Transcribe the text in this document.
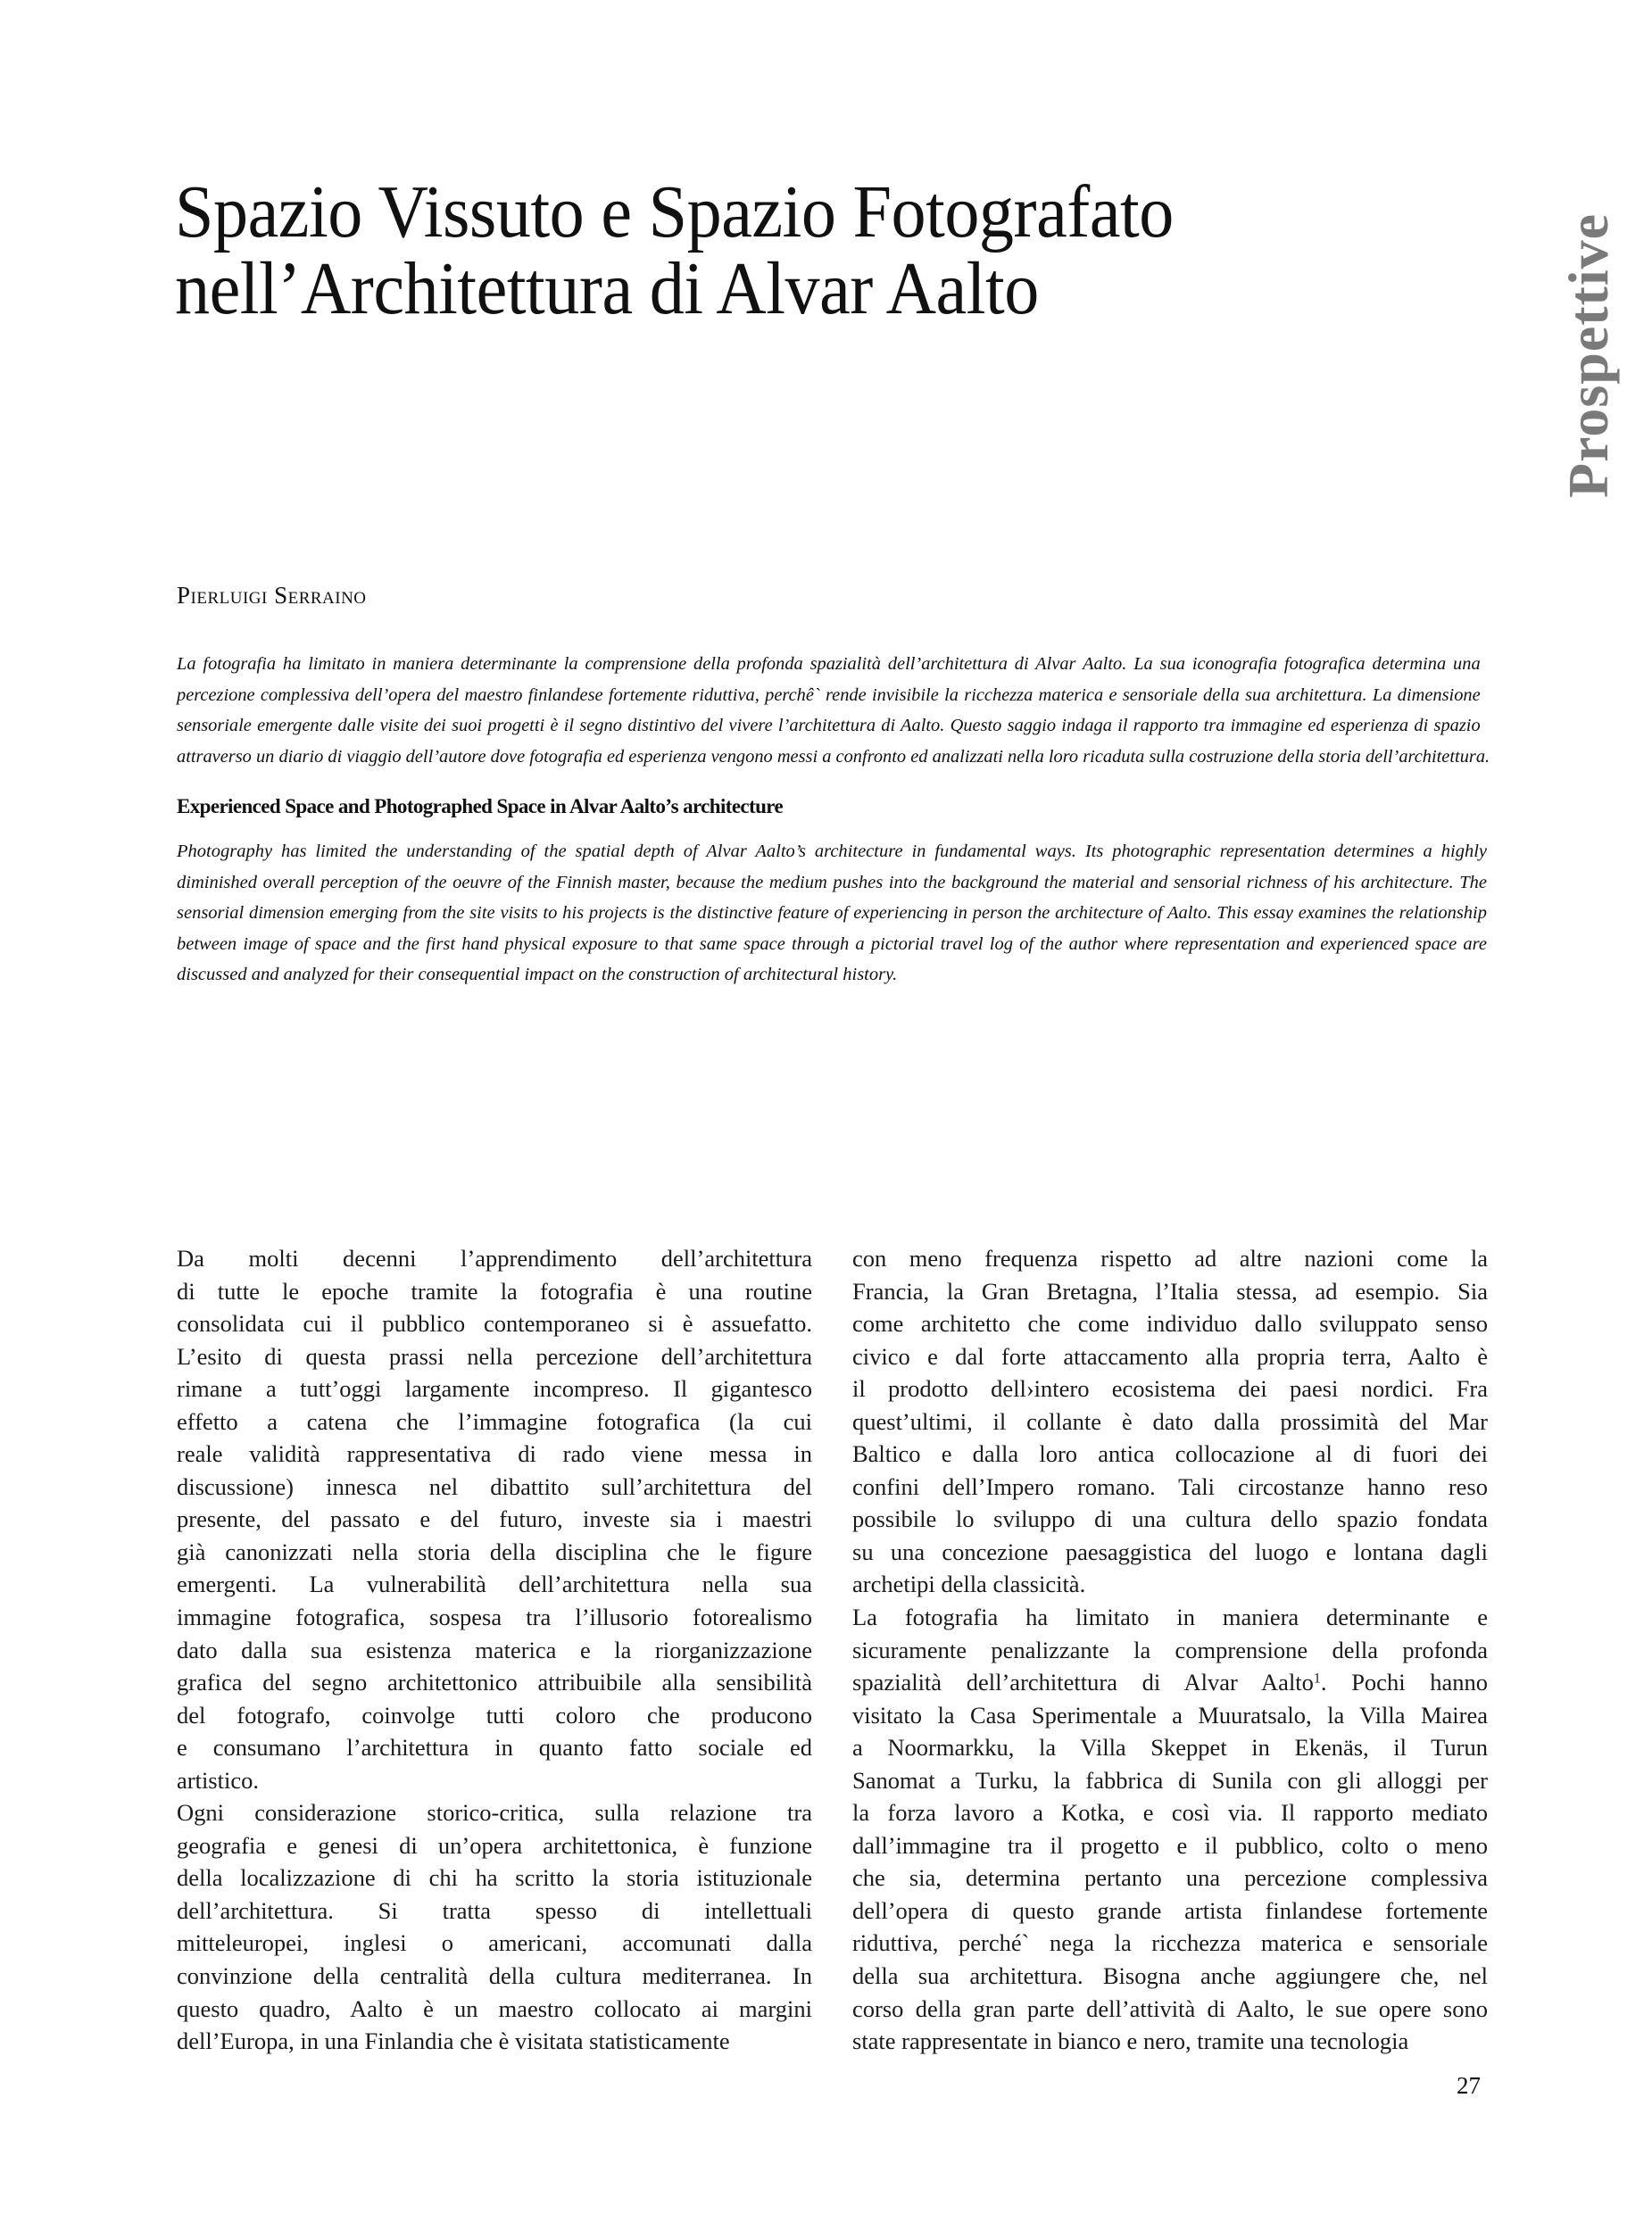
Spazio Vissuto e Spazio Fotografato
nell’Architettura di Alvar Aalto	Prospettive
Pierluigi Serraino

La fotografia ha limitato in maniera determinante la comprensione della profonda spazialità dell’architettura di Alvar Aalto. La sua iconografia fotografica determina una
percezione complessiva dell’opera del maestro finlandese fortemente riduttiva, perchê` rende invisibile la ricchezza materica e sensoriale della sua architettura. La dimensione
sensoriale emergente dalle visite dei suoi progetti è il segno distintivo del vivere l’architettura di Aalto. Questo saggio indaga il rapporto tra immagine ed esperienza di spazio
attraverso un diario di viaggio dell’autore dove fotografia ed esperienza vengono messi a confronto ed analizzati nella loro ricaduta sulla costruzione della storia dell’architettura.

Experienced Space and Photographed Space in Alvar Aalto’s architecture

Photography has limited the understanding of the spatial depth of Alvar Aalto’s architecture in fundamental ways. Its photographic representation determines a highly
diminished overall perception of the oeuvre of the Finnish master, because the medium pushes into the background the material and sensorial richness of his architecture. The
sensorial dimension emerging from the site visits to his projects is the distinctive feature of experiencing in person the architecture of Aalto. This essay examines the relationship
between image of space and the first hand physical exposure to that same space through a pictorial travel log of the author where representation and experienced space are
discussed and analyzed for their consequential impact on the construction of architectural history.

Da molti decenni l’apprendimento dell’architettura
di tutte le epoche tramite la fotografia è una routine
consolidata cui il pubblico contemporaneo si è assuefatto.
L’esito di questa prassi nella percezione dell’architettura
rimane a tutt’oggi largamente incompreso. Il gigantesco
effetto a catena che l’immagine fotografica (la cui
reale validità rappresentativa di rado viene messa in
discussione) innesca nel dibattito sull’architettura del
presente, del passato e del futuro, investe sia i maestri
già canonizzati nella storia della disciplina che le figure
emergenti. La vulnerabilità dell’architettura nella sua
immagine fotografica, sospesa tra l’illusorio fotorealismo
dato dalla sua esistenza materica e la riorganizzazione
grafica del segno architettonico attribuibile alla sensibilità
del fotografo, coinvolge tutti coloro che producono
e consumano l’architettura in quanto fatto sociale ed
artistico.
Ogni considerazione storico-critica, sulla relazione tra
geografia e genesi di un’opera architettonica, è funzione
della localizzazione di chi ha scritto la storia istituzionale
dell’architettura. Si tratta spesso di intellettuali
mitteleuropei, inglesi o americani, accomunati dalla
convinzione della centralità della cultura mediterranea. In
questo quadro, Aalto è un maestro collocato ai margini
dell’Europa, in una Finlandia che è visitata statisticamente
con meno frequenza rispetto ad altre nazioni come la
Francia, la Gran Bretagna, l’Italia stessa, ad esempio. Sia
come architetto che come individuo dallo sviluppato senso
civico e dal forte attaccamento alla propria terra, Aalto è
il prodotto dell›intero ecosistema dei paesi nordici. Fra
quest’ultimi, il collante è dato dalla prossimità del Mar
Baltico e dalla loro antica collocazione al di fuori dei
confini dell’Impero romano. Tali circostanze hanno reso
possibile lo sviluppo di una cultura dello spazio fondata
su una concezione paesaggistica del luogo e lontana dagli
archetipi della classicità.
La fotografia ha limitato in maniera determinante e
sicuramente penalizzante la comprensione della profonda
spazialità dell’architettura di Alvar Aalto$^1$. Pochi hanno
visitato la Casa Sperimentale a Muuratsalo, la Villa Mairea
a Noormarkku, la Villa Skeppet in Ekenäs, il Turun
Sanomat a Turku, la fabbrica di Sunila con gli alloggi per
la forza lavoro a Kotka, e così via. Il rapporto mediato
dall’immagine tra il progetto e il pubblico, colto o meno
che sia, determina pertanto una percezione complessiva
dell’opera di questo grande artista finlandese fortemente
riduttiva, perché` nega la ricchezza materica e sensoriale
della sua architettura. Bisogna anche aggiungere che, nel
corso della gran parte dell’attività di Aalto, le sue opere sono
state rappresentate in bianco e nero, tramite una tecnologia
27
